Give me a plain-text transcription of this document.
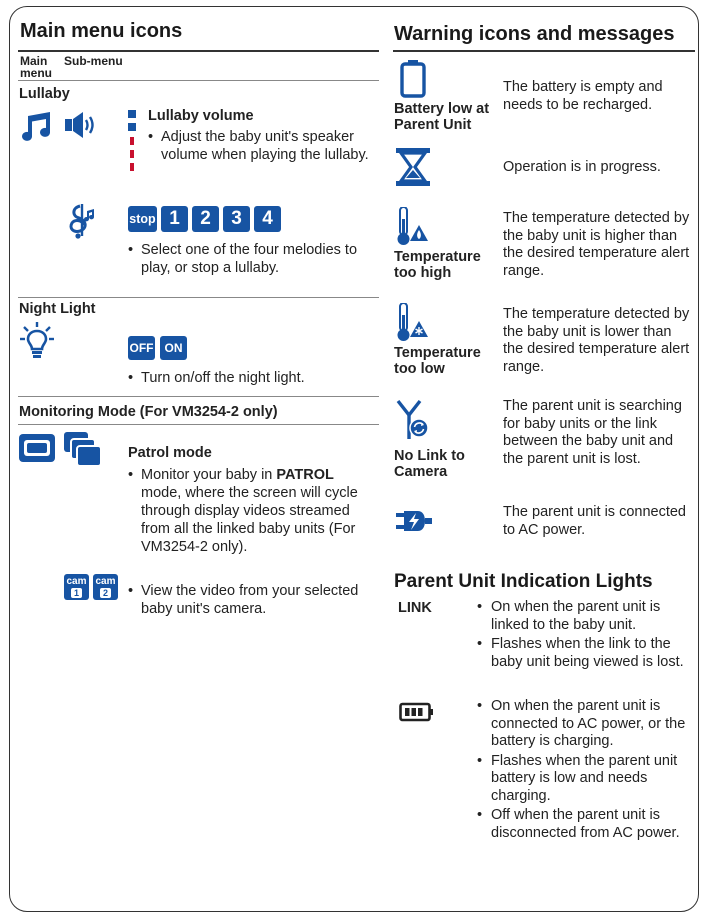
Main menu icons
Main
menu
Sub-menu
Lullaby
Lullaby volume
• Adjust the baby unit's speaker volume when playing the lullaby.
stop 1	2	3	4
• Select one of the four melodies to play, or stop a lullaby.
Night Light
OFF ON
• Turn on/off the night light.
Monitoring Mode (For VM3254-2 only)
Patrol mode
• Monitor your baby in PATROL mode, where the screen will cycle through display videos streamed from all the linked baby units (For VM3254-2 only).
cam
1
cam
2	• View the video from your selected baby unit's camera.
Warning icons and messages
Battery low at
Parent Unit
The battery is empty and needs to be recharged.
Operation is in progress.
Temperature
too high
The temperature detected by the baby unit is higher than the desired temperature alert range.
Temperature
too low
The temperature detected by the baby unit is lower than the desired temperature alert range.
No Link to
Camera
The parent unit is searching for baby units or the link between the baby unit and the parent unit is lost.
The parent unit is connected to AC power.
Parent Unit Indication Lights
LINK
•	On when the parent unit is linked to the baby unit.
• Flashes when the link to the baby unit being viewed is lost.
• On when the parent unit is connected to AC power, or the battery is charging.
• Flashes when the parent unit battery is low and needs charging.
• Off when the parent unit is disconnected from AC power.
